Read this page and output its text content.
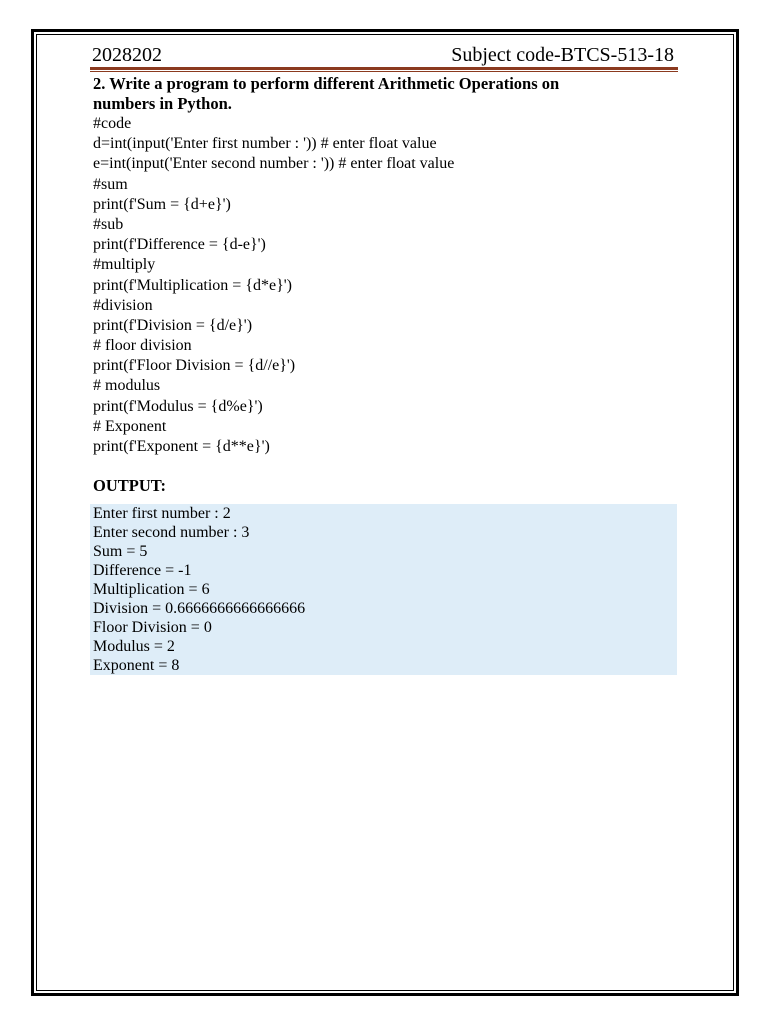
2028202	Subject code-BTCS-513-18
2. Write a program to perform different Arithmetic Operations on
numbers in Python.
#code
d=int(input('Enter first number : ')) # enter float value
e=int(input('Enter second number : ')) # enter float value
#sum
print(f'Sum = {d+e}')
#sub
print(f'Difference = {d-e}')
#multiply
print(f'Multiplication = {d*e}')
#division
print(f'Division = {d/e}')
# floor division
print(f'Floor Division = {d//e}')
# modulus
print(f'Modulus = {d%e}')
# Exponent
print(f'Exponent = {d**e}')
OUTPUT:
Enter first number : 2
Enter second number : 3
Sum = 5
Difference = -1
Multiplication = 6
Division = 0.6666666666666666
Floor Division = 0
Modulus = 2
Exponent = 8
